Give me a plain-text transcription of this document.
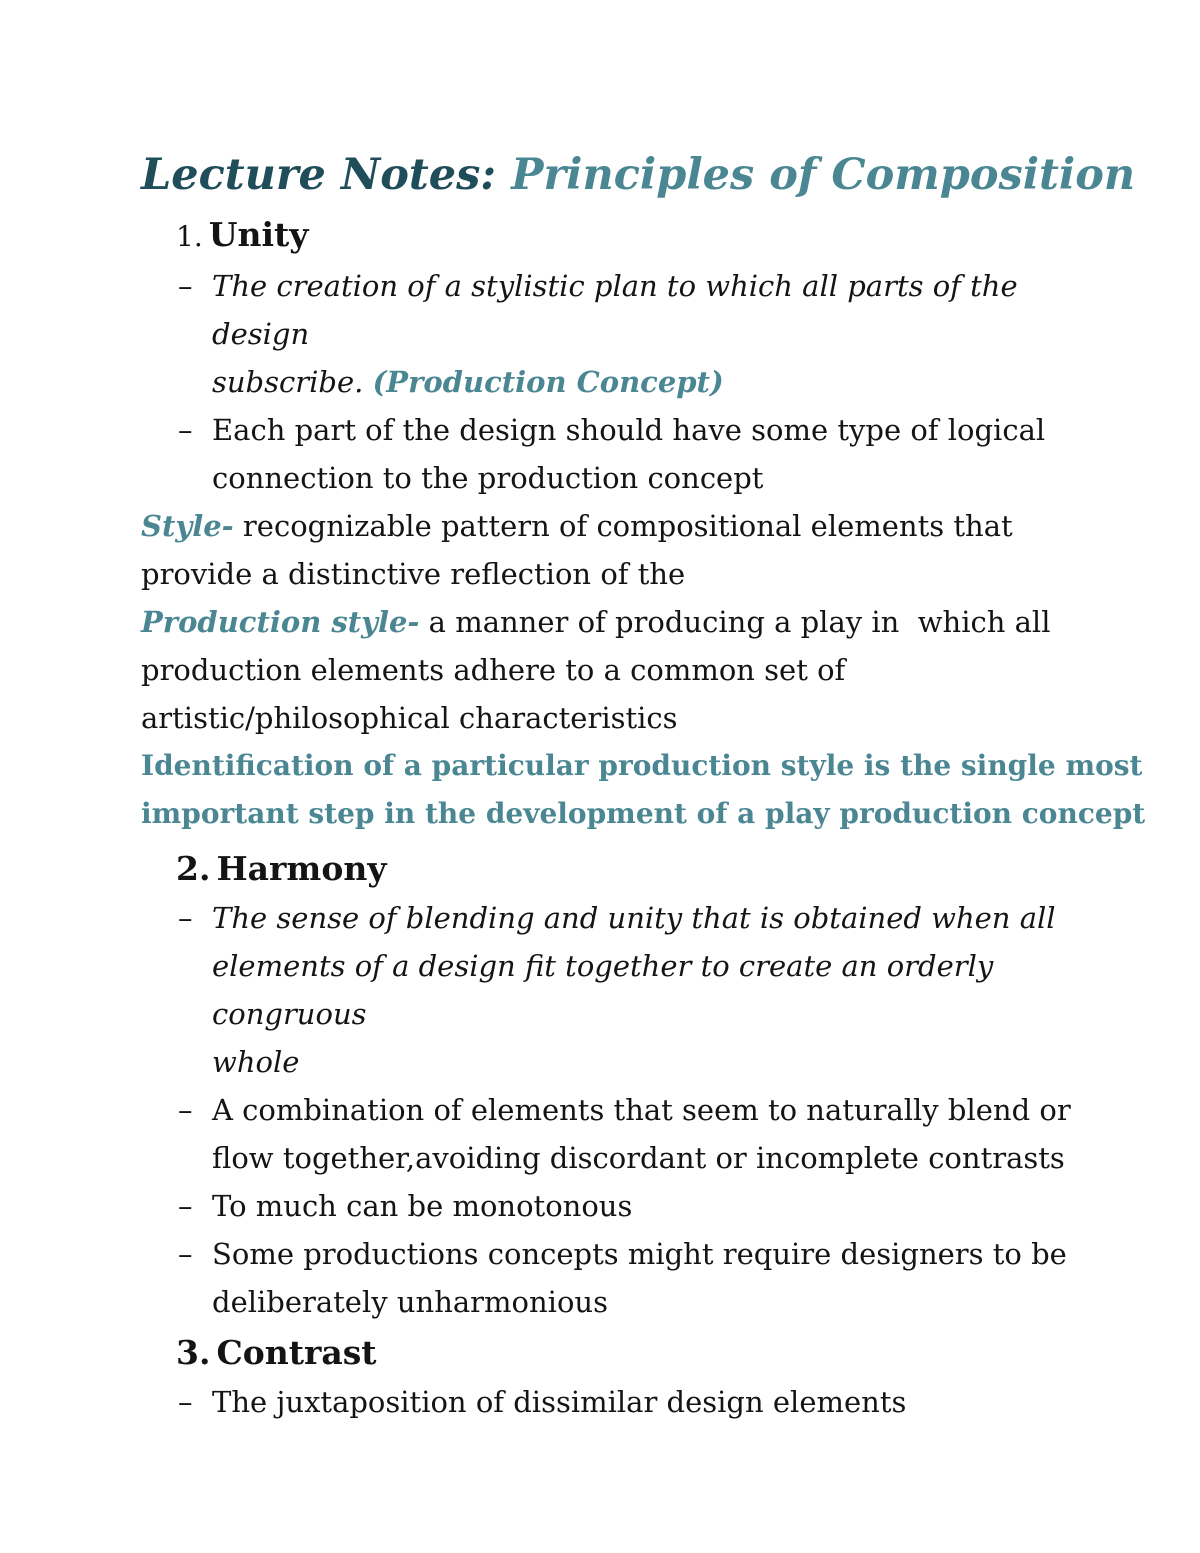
Lecture Notes: Principles of Composition
1. Unity
– The creation of a stylistic plan to which all parts of the design
subscribe. (Production Concept)
– Each part of the design should have some type of logical
connection to the production concept
Style- recognizable pattern of compositional elements that
provide a distinctive reflection of the
Production style- a manner of producing a play in  which all
production elements adhere to a common set of
artistic/philosophical characteristics
Identification of a particular production style is the single most
important step in the development of a play production concept
2. Harmony
– The sense of blending and unity that is obtained when all
elements of a design fit together to create an orderly congruous
whole
– A combination of elements that seem to naturally blend or
flow together,avoiding discordant or incomplete contrasts
– To much can be monotonous
– Some productions concepts might require designers to be
deliberately unharmonious
3. Contrast
– The juxtaposition of dissimilar design elements
